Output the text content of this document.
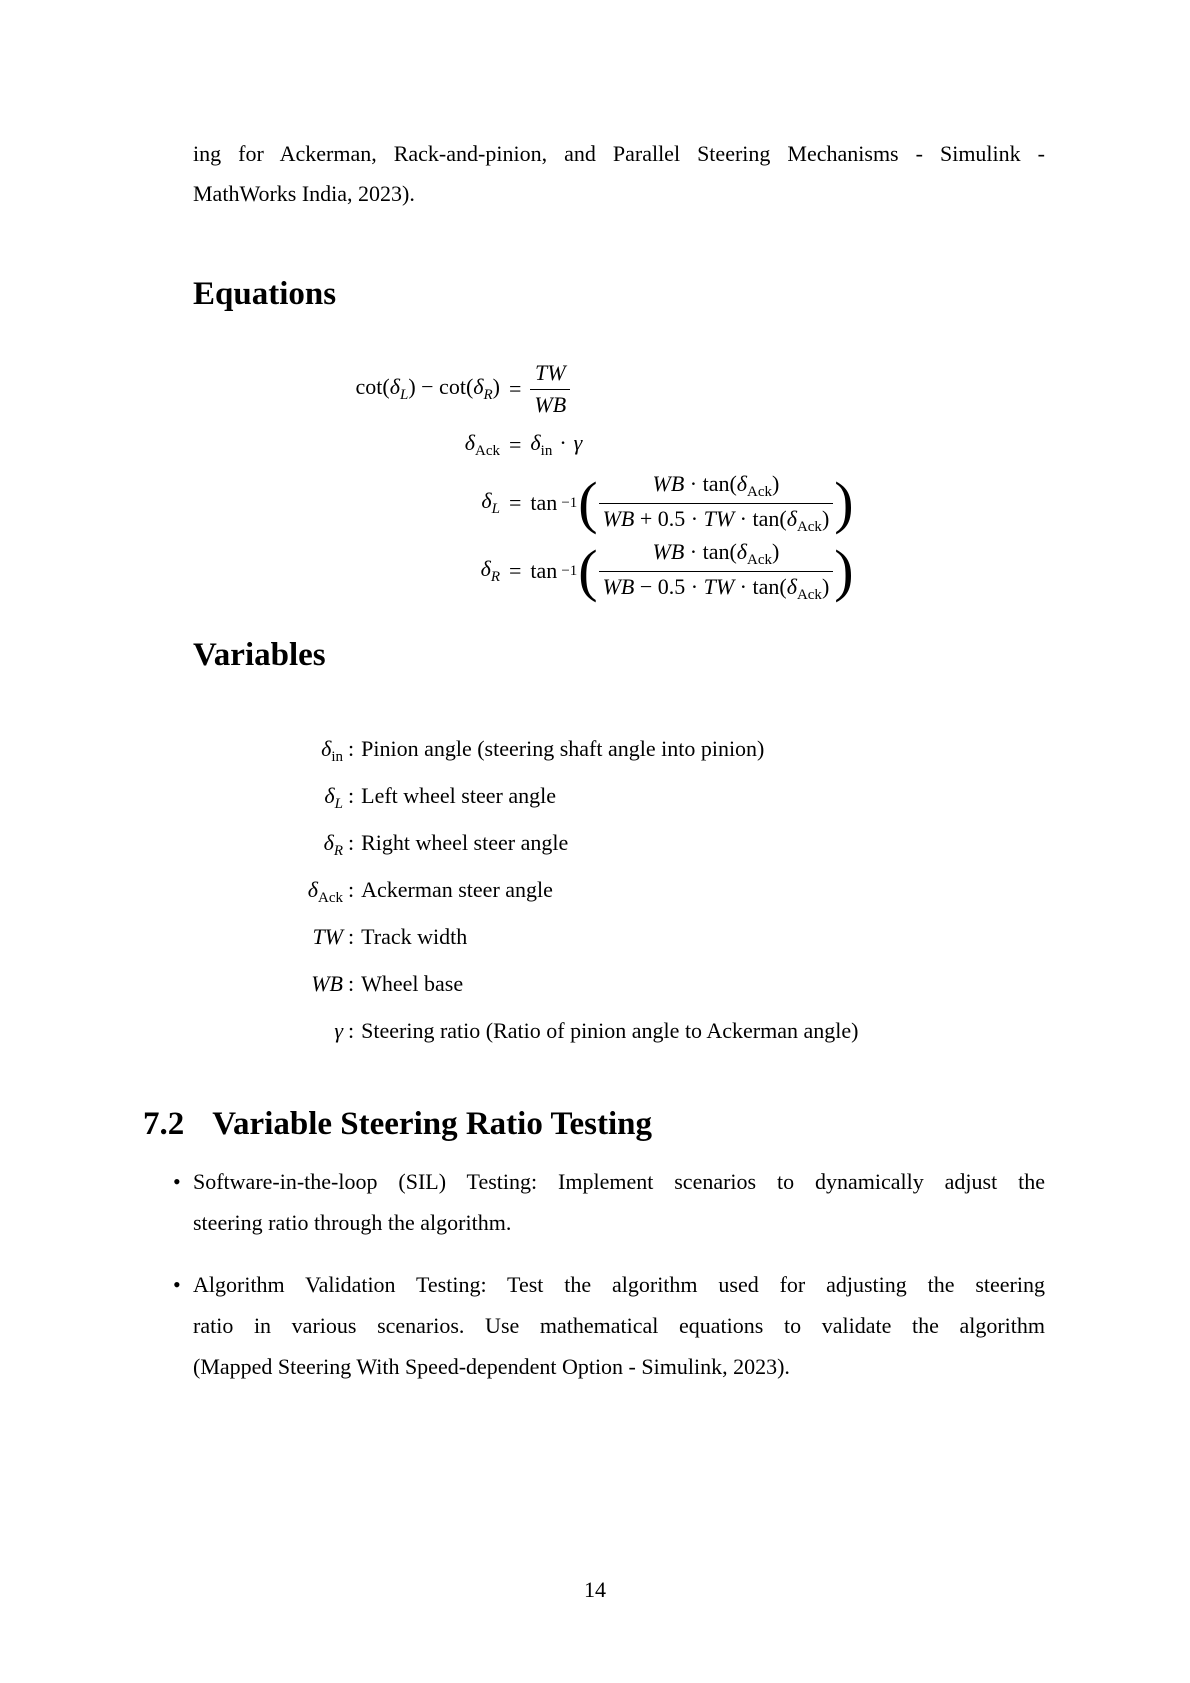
ing for Ackerman, Rack-and-pinion, and Parallel Steering Mechanisms - Simulink -
MathWorks India, 2023).
Equations
$\cot(\delta_L) - \cot(\delta_R) = \frac{TW}{WB}$
$\delta_{Ack} = \delta_{in} \cdot \gamma$
$\delta_L = \tan -1$ ( $\frac{WB \cdot \tan(\delta_{Ack})}{WB + 0.5 \cdot TW \cdot \tan(\delta_{Ack})}$ )
$\delta_R = \tan -1$ ( $\frac{WB \cdot \tan(\delta_{Ack})}{WB - 0.5 \cdot TW \cdot \tan(\delta_{Ack})}$ )
Variables
$\delta_{in}$ : Pinion angle (steering shaft angle into pinion)
$\delta_L$ : Left wheel steer angle
$\delta_R$ : Right wheel steer angle
$\delta_{Ack}$ : Ackerman steer angle
TW : Track width
WB : Wheel base
γ : Steering ratio (Ratio of pinion angle to Ackerman angle)
7.2 Variable Steering Ratio Testing
• Software-in-the-loop (SIL) Testing: Implement scenarios to dynamically adjust the
steering ratio through the algorithm.
• Algorithm Validation Testing: Test the algorithm used for adjusting the steering
ratio in various scenarios. Use mathematical equations to validate the algorithm
(Mapped Steering With Speed-dependent Option - Simulink, 2023).
14
